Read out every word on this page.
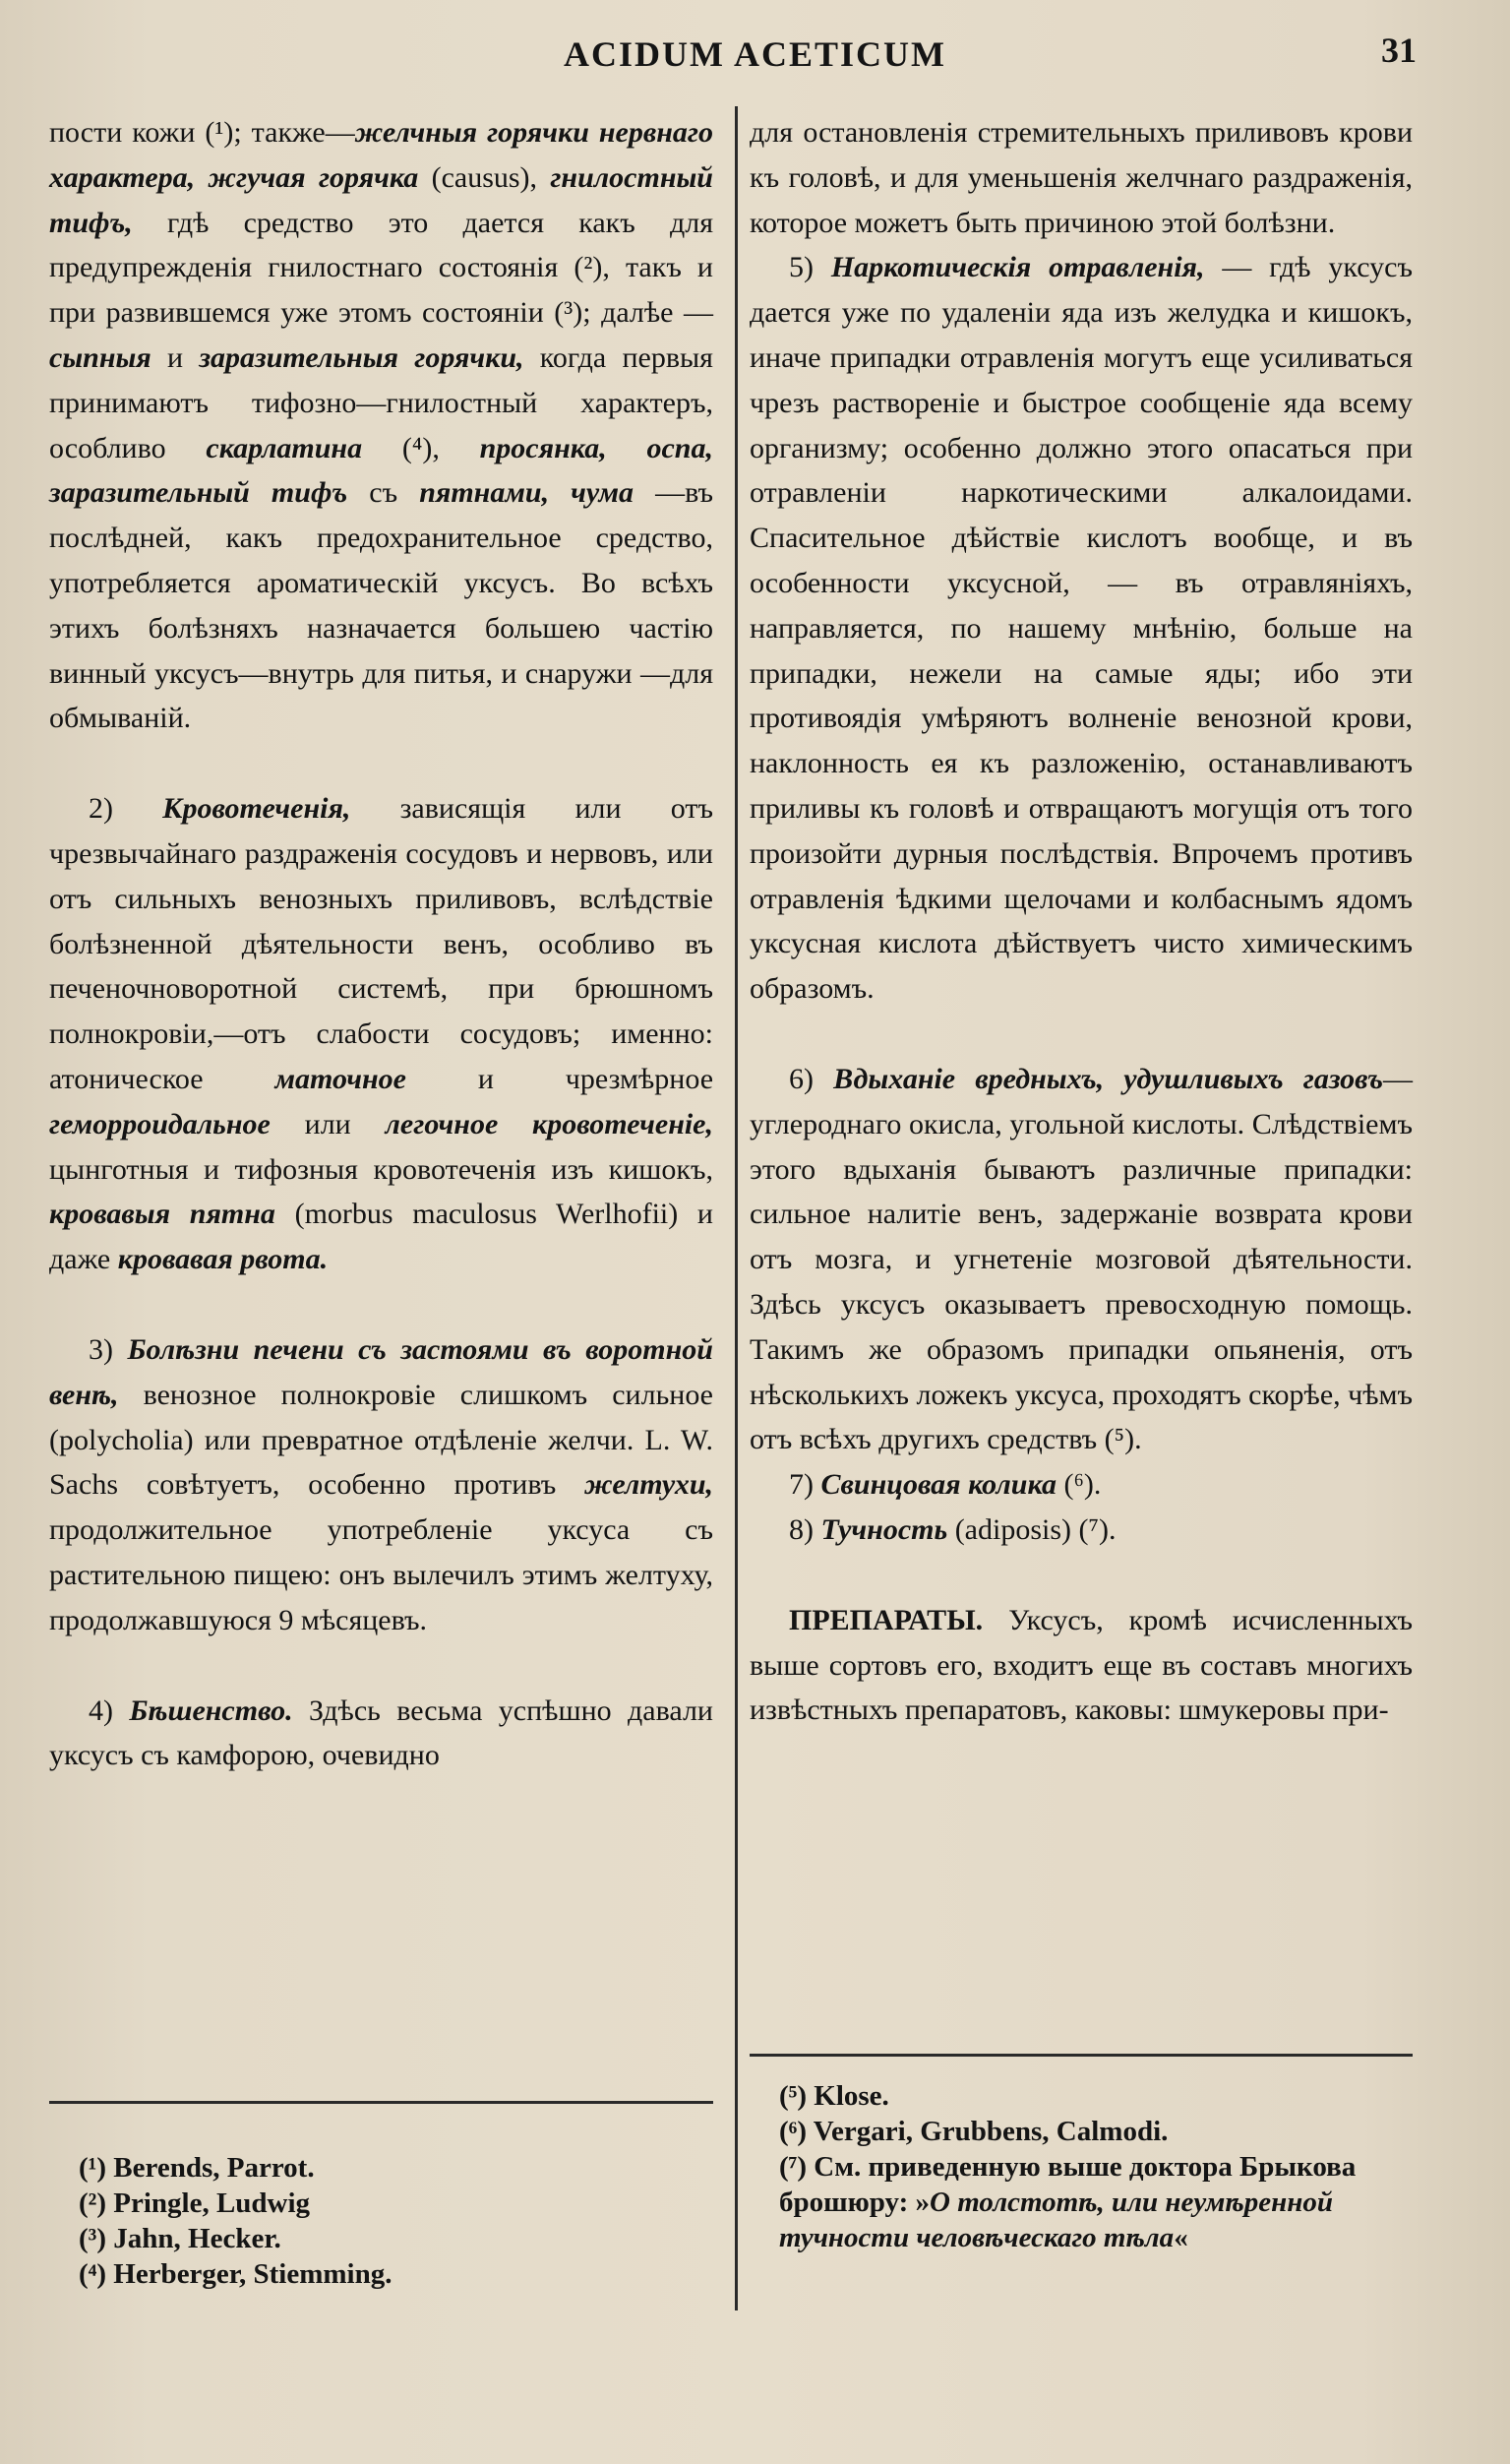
ACIDUM ACETICUM	31

пости кожи (¹); также—желчныя горячки нервнаго характера, жгучая горячка (causus), гнилостный тифъ, гдѣ средство это дается какъ для предупрежденія гнилостнаго состоянія (²), такъ и при развившемся уже этомъ состояніи (³); далѣе — сыпныя и заразительныя горячки, когда первыя принимаютъ тифозно—гнилостный характеръ, особливо скарлатина (⁴), просянка, оспа, заразительный тифъ съ пятнами, чума —въ послѣдней, какъ предохранительное средство, употребляется ароматическій уксусъ. Во всѣхъ этихъ болѣзняхъ назначается большею частію винный уксусъ—внутрь для питья, и снаружи —для обмываній.

2) Кровотеченія, зависящія или отъ чрезвычайнаго раздраженія сосудовъ и нервовъ, или отъ сильныхъ венозныхъ приливовъ, вслѣдствіе болѣзненной дѣятельности венъ, особливо въ печеночноворотной системѣ, при брюшномъ полнокровіи,—отъ слабости сосудовъ; именно: атоническое маточное и чрезмѣрное геморроидальное или легочное кровотеченіе, цынготныя и тифозныя кровотеченія изъ кишокъ, кровавыя пятна (morbus maculosus Werlhofii) и даже кровавая рвота.

3) Болѣзни печени съ застоями въ воротной венѣ, венозное полнокровіе слишкомъ сильное (polycholia) или превратное отдѣленіе желчи. L. W. Sachs совѣтуетъ, особенно противъ желтухи, продолжительное употребленіе уксуса съ растительною пищею: онъ вылечилъ этимъ желтуху, продолжавшуюся 9 мѣсяцевъ.

4) Бѣшенство. Здѣсь весьма успѣшно давали уксусъ съ камфорою, очевидно

для остановленія стремительныхъ приливовъ крови къ головѣ, и для уменьшенія желчнаго раздраженія, которое можетъ быть причиною этой болѣзни.

5) Наркотическія отравленія, — гдѣ уксусъ дается уже по удаленіи яда изъ желудка и кишокъ, иначе припадки отравленія могутъ еще усиливаться чрезъ раствореніе и быстрое сообщеніе яда всему организму; особенно должно этого опасаться при отравленіи наркотическими алкалоидами. Спасительное дѣйствіе кислотъ вообще, и въ особенности уксусной, — въ отравляніяхъ, направляется, по нашему мнѣнію, больше на припадки, нежели на самые яды; ибо эти противоядія умѣряютъ волненіе венозной крови, наклонность ея къ разложенію, останавливаютъ приливы къ головѣ и отвращаютъ могущія отъ того произойти дурныя послѣдствія. Впрочемъ противъ отравленія ѣдкими щелочами и колбаснымъ ядомъ уксусная кислота дѣйствуетъ чисто химическимъ образомъ.

6) Вдыханіе вредныхъ, удушливыхъ газовъ—углероднаго окисла, угольной кислоты. Слѣдствіемъ этого вдыханія бываютъ различные припадки: сильное налитіе венъ, задержаніе возврата крови отъ мозга, и угнетеніе мозговой дѣятельности. Здѣсь уксусъ оказываетъ превосходную помощь. Такимъ же образомъ припадки опьяненія, отъ нѣсколькихъ ложекъ уксуса, проходятъ скорѣе, чѣмъ отъ всѣхъ другихъ средствъ (⁵).

7) Свинцовая колика (⁶).

8) Тучность (adiposis) (⁷).

ПРЕПАРАТЫ. Уксусъ, кромѣ исчисленныхъ выше сортовъ его, входитъ еще въ составъ многихъ извѣстныхъ препаратовъ, каковы: шмукеровы при-

(¹) Berends, Parrot.

(²) Pringle, Ludwig

(³) Jahn, Hecker.

(⁴) Herberger, Stiemming.

(⁵) Klose.

(⁶) Vergari, Grubbens, Calmodi.

(⁷) См. приведенную выше доктора Брыкова брошюру: »О толстотѣ, или неумѣренной тучности человѣческаго тѣла«
